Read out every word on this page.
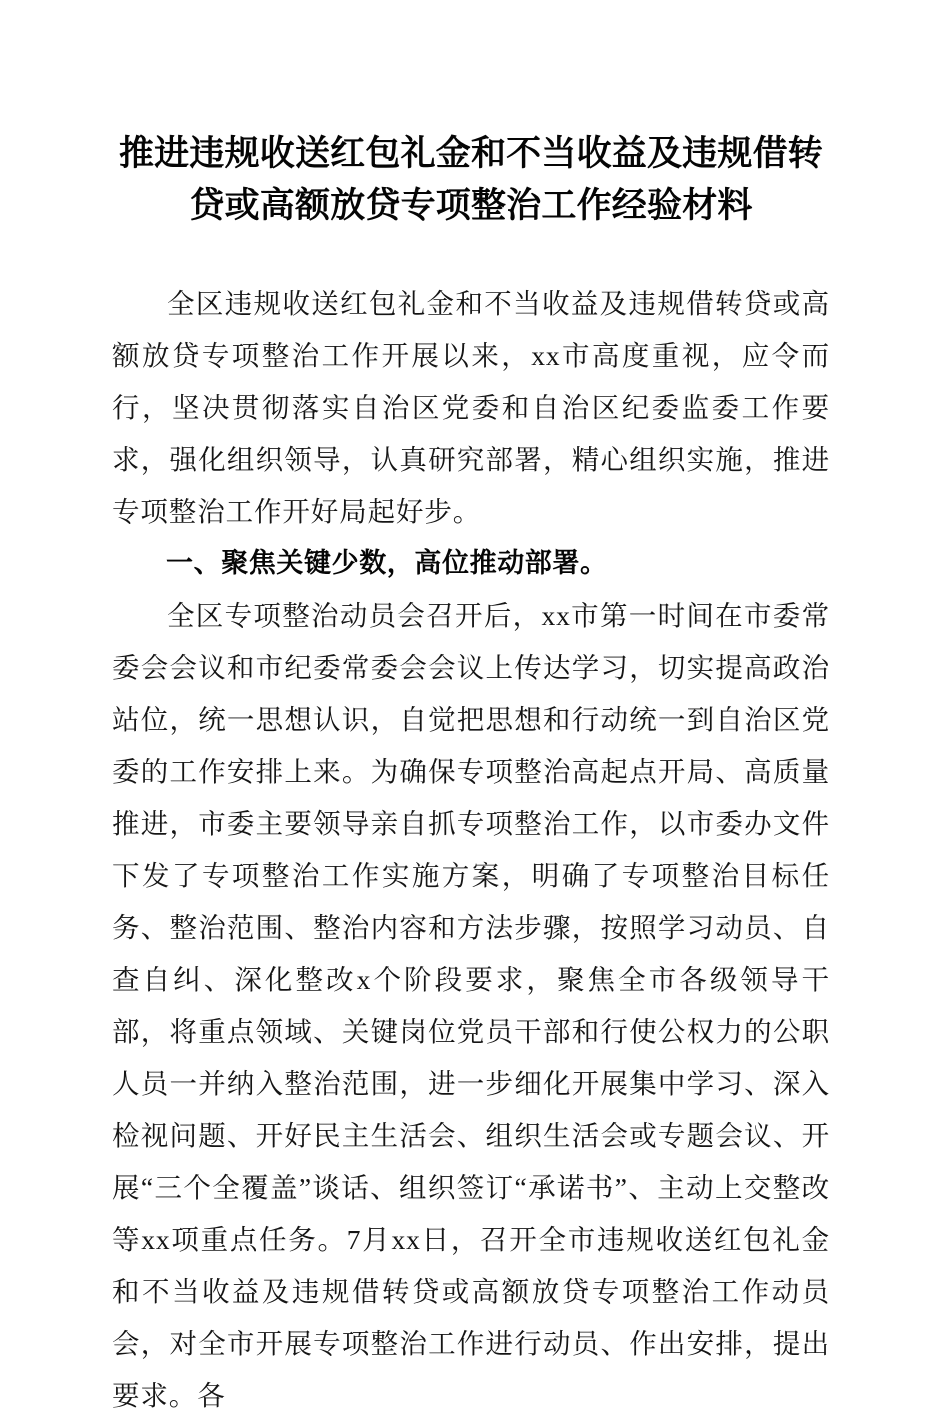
推进违规收送红包礼金和不当收益及违规借转贷或高额放贷专项整治工作经验材料

全区违规收送红包礼金和不当收益及违规借转贷或高额放贷专项整治工作开展以来，xx市高度重视，应令而行，坚决贯彻落实自治区党委和自治区纪委监委工作要求，强化组织领导，认真研究部署，精心组织实施，推进专项整治工作开好局起好步。

一、聚焦关键少数，高位推动部署。

全区专项整治动员会召开后，xx市第一时间在市委常委会会议和市纪委常委会会议上传达学习，切实提高政治站位，统一思想认识，自觉把思想和行动统一到自治区党委的工作安排上来。为确保专项整治高起点开局、高质量推进，市委主要领导亲自抓专项整治工作，以市委办文件下发了专项整治工作实施方案，明确了专项整治目标任务、整治范围、整治内容和方法步骤，按照学习动员、自查自纠、深化整改x个阶段要求，聚焦全市各级领导干部，将重点领域、关键岗位党员干部和行使公权力的公职人员一并纳入整治范围，进一步细化开展集中学习、深入检视问题、开好民主生活会、组织生活会或专题会议、开展“三个全覆盖”谈话、组织签订“承诺书”、主动上交整改等xx项重点任务。7月xx日，召开全市违规收送红包礼金和不当收益及违规借转贷或高额放贷专项整治工作动员会，对全市开展专项整治工作进行动员、作出安排，提出要求。各
